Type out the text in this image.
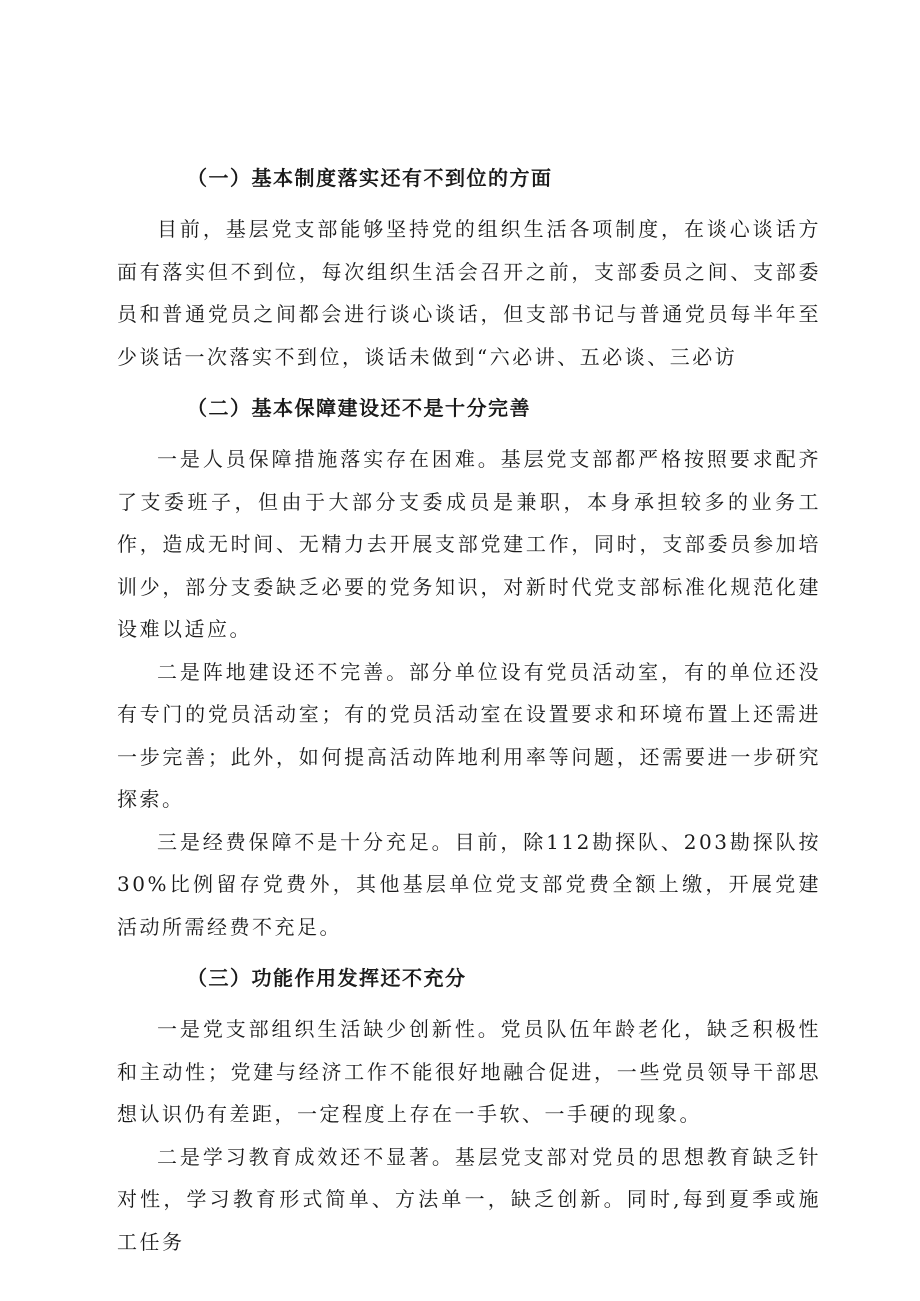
（一）基本制度落实还有不到位的方面

目前，基层党支部能够坚持党的组织生活各项制度，在谈心谈话方面有落实但不到位，每次组织生活会召开之前，支部委员之间、支部委员和普通党员之间都会进行谈心谈话，但支部书记与普通党员每半年至少谈话一次落实不到位，谈话未做到“六必讲、五必谈、三必访

（二）基本保障建设还不是十分完善

一是人员保障措施落实存在困难。基层党支部都严格按照要求配齐了支委班子，但由于大部分支委成员是兼职，本身承担较多的业务工作，造成无时间、无精力去开展支部党建工作，同时，支部委员参加培训少，部分支委缺乏必要的党务知识，对新时代党支部标准化规范化建设难以适应。

二是阵地建设还不完善。部分单位设有党员活动室，有的单位还没有专门的党员活动室；有的党员活动室在设置要求和环境布置上还需进一步完善；此外，如何提高活动阵地利用率等问题，还需要进一步研究探索。

三是经费保障不是十分充足。目前，除112勘探队、203勘探队按30%比例留存党费外，其他基层单位党支部党费全额上缴，开展党建活动所需经费不充足。

（三）功能作用发挥还不充分

一是党支部组织生活缺少创新性。党员队伍年龄老化，缺乏积极性和主动性；党建与经济工作不能很好地融合促进，一些党员领导干部思想认识仍有差距，一定程度上存在一手软、一手硬的现象。

二是学习教育成效还不显著。基层党支部对党员的思想教育缺乏针对性，学习教育形式简单、方法单一，缺乏创新。同时,每到夏季或施工任务
